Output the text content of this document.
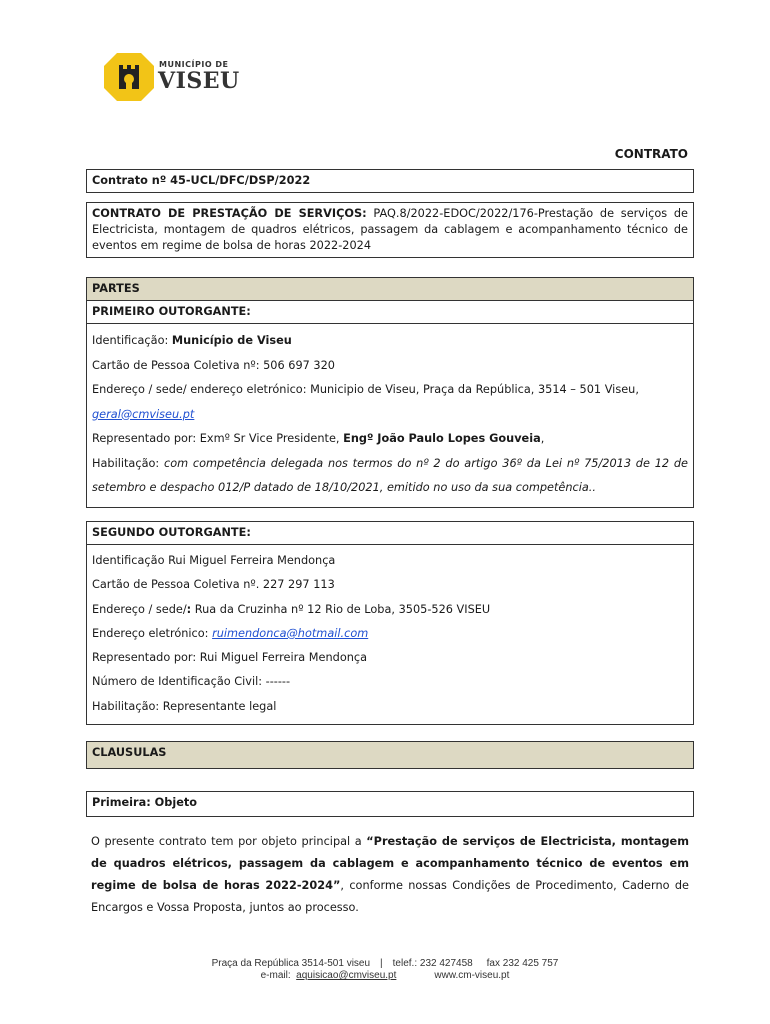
MUNICÍPIO DE
VISEU
CONTRATO
Contrato nº 45-UCL/DFC/DSP/2022
CONTRATO DE PRESTAÇÃO DE SERVIÇOS: PAQ.8/2022-EDOC/2022/176-Prestação de serviços de Electricista, montagem de quadros elétricos, passagem da cablagem e acompanhamento técnico de eventos em regime de bolsa de horas 2022-2024
PARTES
PRIMEIRO OUTORGANTE:

Identificação: Município de Viseu

Cartão de Pessoa Coletiva nº: 506 697 320

Endereço / sede/ endereço eletrónico: Municipio de Viseu, Praça da República, 3514 – 501 Viseu,

geral@cmviseu.pt

Representado por: Exmº Sr Vice Presidente, Engº João Paulo Lopes Gouveia,

Habilitação: com competência delegada nos termos do nº 2 do artigo 36º da Lei nº 75/2013 de 12 de setembro e despacho 012/P datado de 18/10/2021, emitido no uso da sua competência..

SEGUNDO OUTORGANTE:

Identificação Rui Miguel Ferreira Mendonça

Cartão de Pessoa Coletiva nº. 227 297 113

Endereço / sede/: Rua da Cruzinha nº 12 Rio de Loba, 3505-526 VISEU

Endereço eletrónico: ruimendonca@hotmail.com

Representado por: Rui Miguel Ferreira Mendonça

Número de Identificação Civil: ------

Habilitação: Representante legal

CLAUSULAS
Primeira: Objeto
O presente contrato tem por objeto principal a “Prestação de serviços de Electricista, montagem de quadros elétricos, passagem da cablagem e acompanhamento técnico de eventos em regime de bolsa de horas 2022-2024”, conforme nossas Condições de Procedimento, Caderno de Encargos e Vossa Proposta, juntos ao processo.
Praça da República 3514-501 viseu | telef.: 232 427458 fax 232 425 757
e-mail: aquisicao@cmviseu.pt	www.cm-viseu.pt
